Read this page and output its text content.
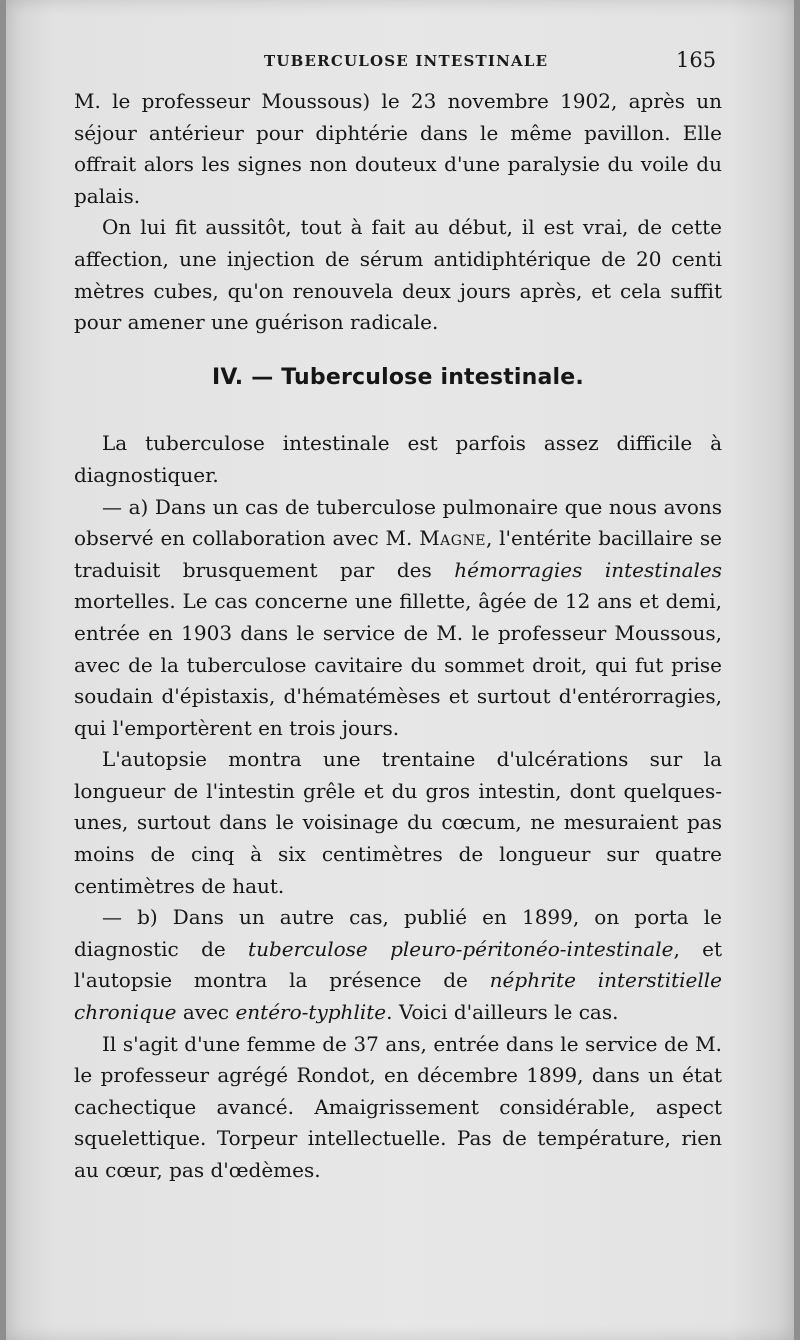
TUBERCULOSE INTESTINALE	165

M. le professeur Moussous) le 23 novembre 1902, après un séjour antérieur pour diphtérie dans le même pavillon. Elle offrait alors les signes non douteux d'une paralysie du voile du palais.

On lui fit aussitôt, tout à fait au début, il est vrai, de cette affection, une injection de sérum antidiphtérique de 20 centi mètres cubes, qu'on renouvela deux jours après, et cela suffit pour amener une guérison radicale.

IV. — Tuberculose intestinale.

La tuberculose intestinale est parfois assez difficile à diagnostiquer.

— a) Dans un cas de tuberculose pulmonaire que nous avons observé en collaboration avec M. Magne, l'entérite bacillaire se traduisit brusquement par des hémorragies intestinales mortelles. Le cas concerne une fillette, âgée de 12 ans et demi, entrée en 1903 dans le service de M. le professeur Moussous, avec de la tuberculose cavitaire du sommet droit, qui fut prise soudain d'épistaxis, d'hématémèses et surtout d'entérorragies, qui l'emportèrent en trois jours.

L'autopsie montra une trentaine d'ulcérations sur la longueur de l'intestin grêle et du gros intestin, dont quelques-unes, surtout dans le voisinage du cœcum, ne mesuraient pas moins de cinq à six centimètres de longueur sur quatre centimètres de haut.

— b) Dans un autre cas, publié en 1899, on porta le diagnostic de tuberculose pleuro-péritonéo-intestinale, et l'autopsie montra la présence de néphrite interstitielle chronique avec entéro-typhlite. Voici d'ailleurs le cas.

Il s'agit d'une femme de 37 ans, entrée dans le service de M. le professeur agrégé Rondot, en décembre 1899, dans un état cachectique avancé. Amaigrissement considérable, aspect squelettique. Torpeur intellectuelle. Pas de température, rien au cœur, pas d'œdèmes.
